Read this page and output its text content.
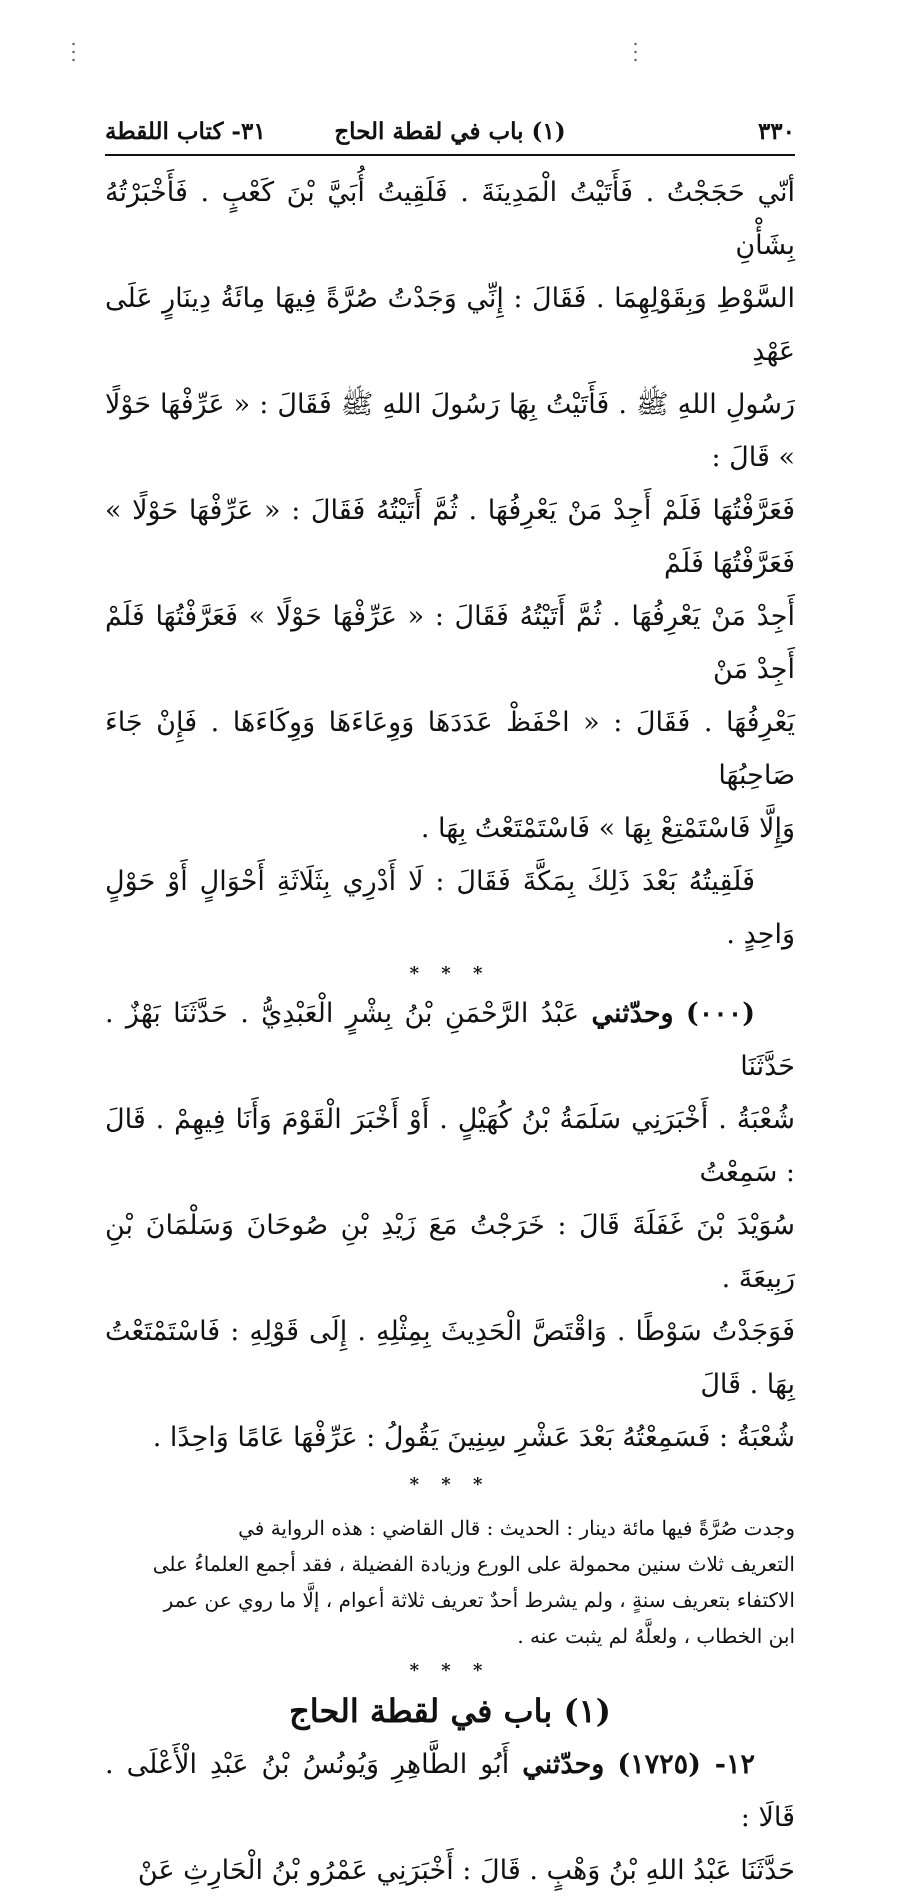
٣٣٠
(١) باب في لقطة الحاج
٣١- كتاب اللقطة

أنّي حَجَجْتُ . فَأَتَيْتُ الْمَدِينَةَ . فَلَقِيتُ أُبَيَّ بْنَ كَعْبٍ . فَأَخْبَرْتُهُ بِشَأْنِ

السَّوْطِ وَبِقَوْلِهِمَا . فَقَالَ : إِنِّي وَجَدْتُ صُرَّةً فِيهَا مِائَةُ دِينَارٍ عَلَى عَهْدِ

رَسُولِ اللهِ ﷺ . فَأَتَيْتُ بِهَا رَسُولَ اللهِ ﷺ فَقَالَ : « عَرِّفْهَا حَوْلًا » قَالَ :

فَعَرَّفْتُهَا فَلَمْ أَجِدْ مَنْ يَعْرِفُهَا . ثُمَّ أَتَيْتُهُ فَقَالَ : « عَرِّفْهَا حَوْلًا » فَعَرَّفْتُهَا فَلَمْ

أَجِدْ مَنْ يَعْرِفُهَا . ثُمَّ أَتَيْتُهُ فَقَالَ : « عَرِّفْهَا حَوْلًا » فَعَرَّفْتُهَا فَلَمْ أَجِدْ مَنْ

يَعْرِفُهَا . فَقَالَ : « احْفَظْ عَدَدَهَا وَوِعَاءَهَا وَوِكَاءَهَا . فَإِنْ جَاءَ صَاحِبُهَا

وَإِلَّا فَاسْتَمْتِعْ بِهَا » فَاسْتَمْتَعْتُ بِهَا .

فَلَقِيتُهُ بَعْدَ ذَلِكَ بِمَكَّةَ فَقَالَ : لَا أَدْرِي بِثَلَاثَةِ أَحْوَالٍ أَوْ حَوْلٍ وَاحِدٍ .

* * *

(٠٠٠) وحدّثني عَبْدُ الرَّحْمَنِ بْنُ بِشْرٍ الْعَبْدِيُّ . حَدَّثَنَا بَهْزٌ . حَدَّثَنَا

شُعْبَةُ . أَخْبَرَنِي سَلَمَةُ بْنُ كُهَيْلٍ . أَوْ أَخْبَرَ الْقَوْمَ وَأَنَا فِيهِمْ . قَالَ : سَمِعْتُ

سُوَيْدَ بْنَ غَفَلَةَ قَالَ : خَرَجْتُ مَعَ زَيْدِ بْنِ صُوحَانَ وَسَلْمَانَ بْنِ رَبِيعَةَ .

فَوَجَدْتُ سَوْطًا . وَاقْتَصَّ الْحَدِيثَ بِمِثْلِهِ . إِلَى قَوْلِهِ : فَاسْتَمْتَعْتُ بِهَا . قَالَ

شُعْبَةُ : فَسَمِعْتُهُ بَعْدَ عَشْرِ سِنِينَ يَقُولُ : عَرِّفْهَا عَامًا وَاحِدًا .

* * *

وجدت صُرَّةً فيها مائة دينار : الحديث : قال القاضي : هذه الرواية في

التعريف ثلاث سنين محمولة على الورع وزيادة الفضيلة ، فقد أجمع العلماءُ على

الاكتفاء بتعريف سنةٍ ، ولم يشرط أحدٌ تعريف ثلاثة أعوام ، إلَّا ما روي عن عمر

ابن الخطاب ، ولعلَّهُ لم يثبت عنه .

* * *
(١) باب في لقطة الحاج

١٢- (١٧٢٥) وحدّثني أَبُو الطَّاهِرِ وَيُونُسُ بْنُ عَبْدِ الْأَعْلَى . قَالَا :

حَدَّثَنَا عَبْدُ اللهِ بْنُ وَهْبٍ . قَالَ : أَخْبَرَنِي عَمْرُو بْنُ الْحَارِثِ عَنْ
